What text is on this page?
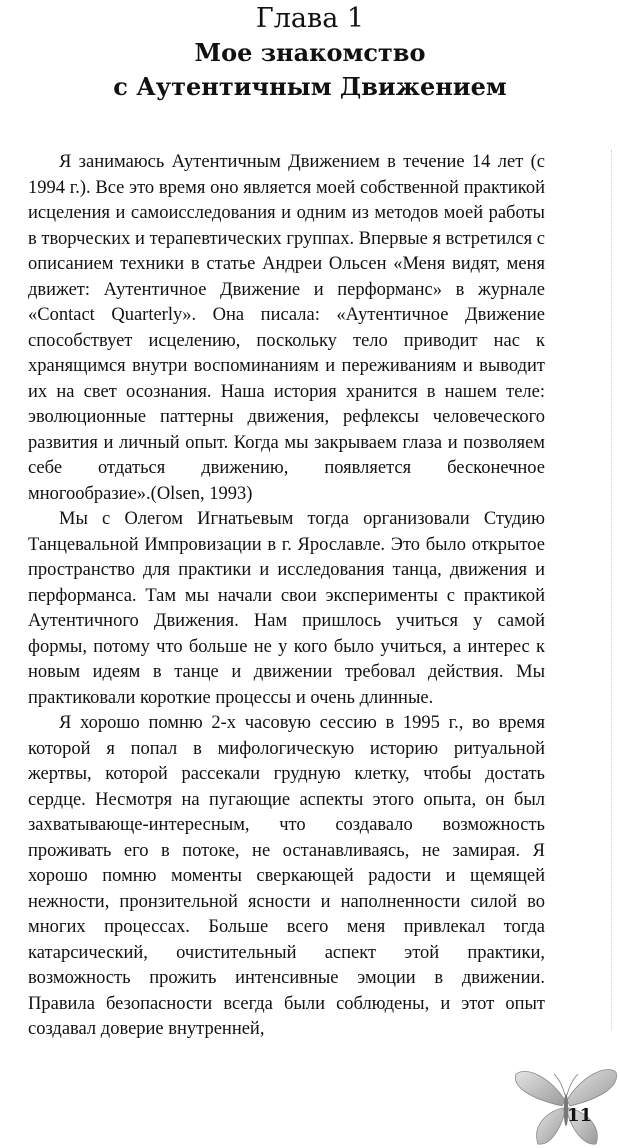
Глава 1
Мое знакомство
с Аутентичным Движением

Я занимаюсь Аутентичным Движением в течение 14 лет (с 1994 г.). Все это время оно является моей собственной практикой исцеления и самоисследования и одним из методов моей работы в творческих и терапевтических группах. Впервые я встретился с описанием техники в статье Андреи Ольсен «Меня видят, меня движет: Аутентичное Движение и перформанс» в журнале «Contact Quarterly». Она писала: «Аутентичное Движение способствует исцелению, поскольку тело приводит нас к хранящимся внутри воспоминаниям и переживаниям и выводит их на свет осознания. Наша история хранится в нашем теле: эволюционные паттерны движения, рефлексы человеческого развития и личный опыт. Когда мы закрываем глаза и позволяем себе отдаться движению, появляется бесконечное многообразие».(Olsen, 1993)

Мы с Олегом Игнатьевым тогда организовали Студию Танцевальной Импровизации в г. Ярославле. Это было открытое пространство для практики и исследования танца, движения и перформанса. Там мы начали свои эксперименты с практикой Аутентичного Движения. Нам пришлось учиться у самой формы, потому что больше не у кого было учиться, а интерес к новым идеям в танце и движении требовал действия. Мы практиковали короткие процессы и очень длинные.

Я хорошо помню 2-х часовую сессию в 1995 г., во время которой я попал в мифологическую историю ритуальной жертвы, которой рассекали грудную клетку, чтобы достать сердце. Несмотря на пугающие аспекты этого опыта, он был захватывающе-интересным, что создавало возможность проживать его в потоке, не останавливаясь, не замирая. Я хорошо помню моменты сверкающей радости и щемящей нежности, пронзительной ясности и наполненности силой во многих процессах. Больше всего меня привлекал тогда катарсический, очистительный аспект этой практики, возможность прожить интенсивные эмоции в движении. Правила безопасности всегда были соблюдены, и этот опыт создавал доверие внутренней,

11
